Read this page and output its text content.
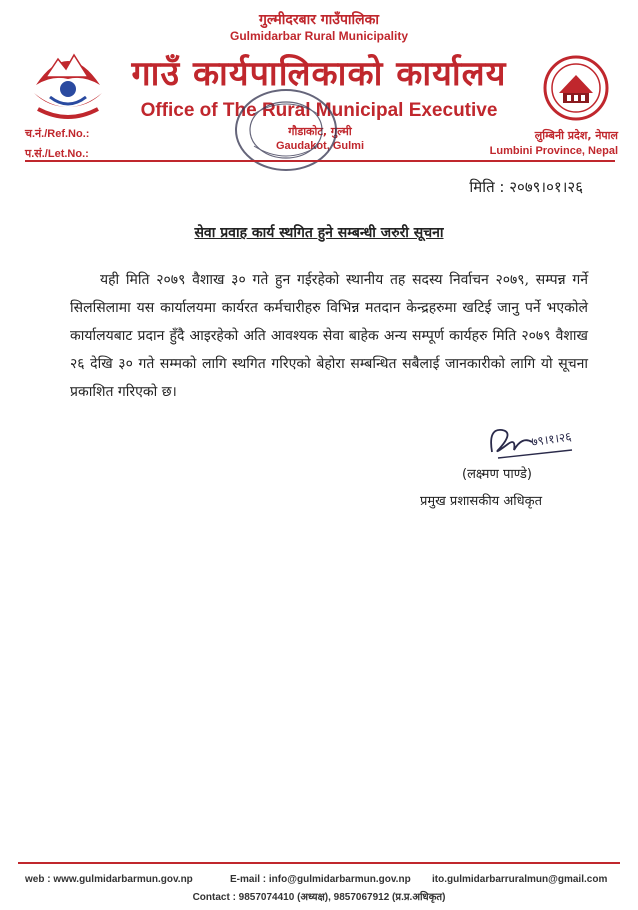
गुल्मीदरबार गाउँपालिका
Gulmidarbar Rural Municipality
गाउँ कार्यपालिकाको कार्यालय
Office of The Rural Municipal Executive
गौडाकोट, गुल्मी
Gaudakot, Gulmi
च.नं./Ref.No.:
प.सं./Let.No.:
लुम्बिनी प्रदेश, नेपाल
Lumbini Province, Nepal
मिति : २०७९।०१।२६
सेवा प्रवाह कार्य स्थगित हुने सम्बन्धी जरुरी सूचना
यही मिति २०७९ वैशाख ३० गते हुन गईरहेको स्थानीय तह सदस्य निर्वाचन २०७९, सम्पन्न गर्ने सिलसिलामा यस कार्यालयमा कार्यरत कर्मचारीहरु विभिन्न मतदान केन्द्रहरुमा खटिई जानु पर्ने भएकोले कार्यालयबाट प्रदान हुँदै आइरहेको अति आवश्यक सेवा बाहेक अन्य सम्पूर्ण कार्यहरु मिति २०७९ वैशाख २६ देखि ३० गते सम्मको लागि स्थगित गरिएको बेहोरा सम्बन्धित सबैलाई जानकारीको लागि यो सूचना प्रकाशित गरिएको छ।
७९।१।२६
(लक्ष्मण पाण्डे)
प्रमुख प्रशासकीय अधिकृत
web : www.gulmidarbarmun.gov.np	E-mail : info@gulmidarbarmun.gov.np ito.gulmidarbarruralmun@gmail.com
Contact : 9857074410 (अध्यक्ष), 9857067912 (प्र.प्र.अधिकृत)
